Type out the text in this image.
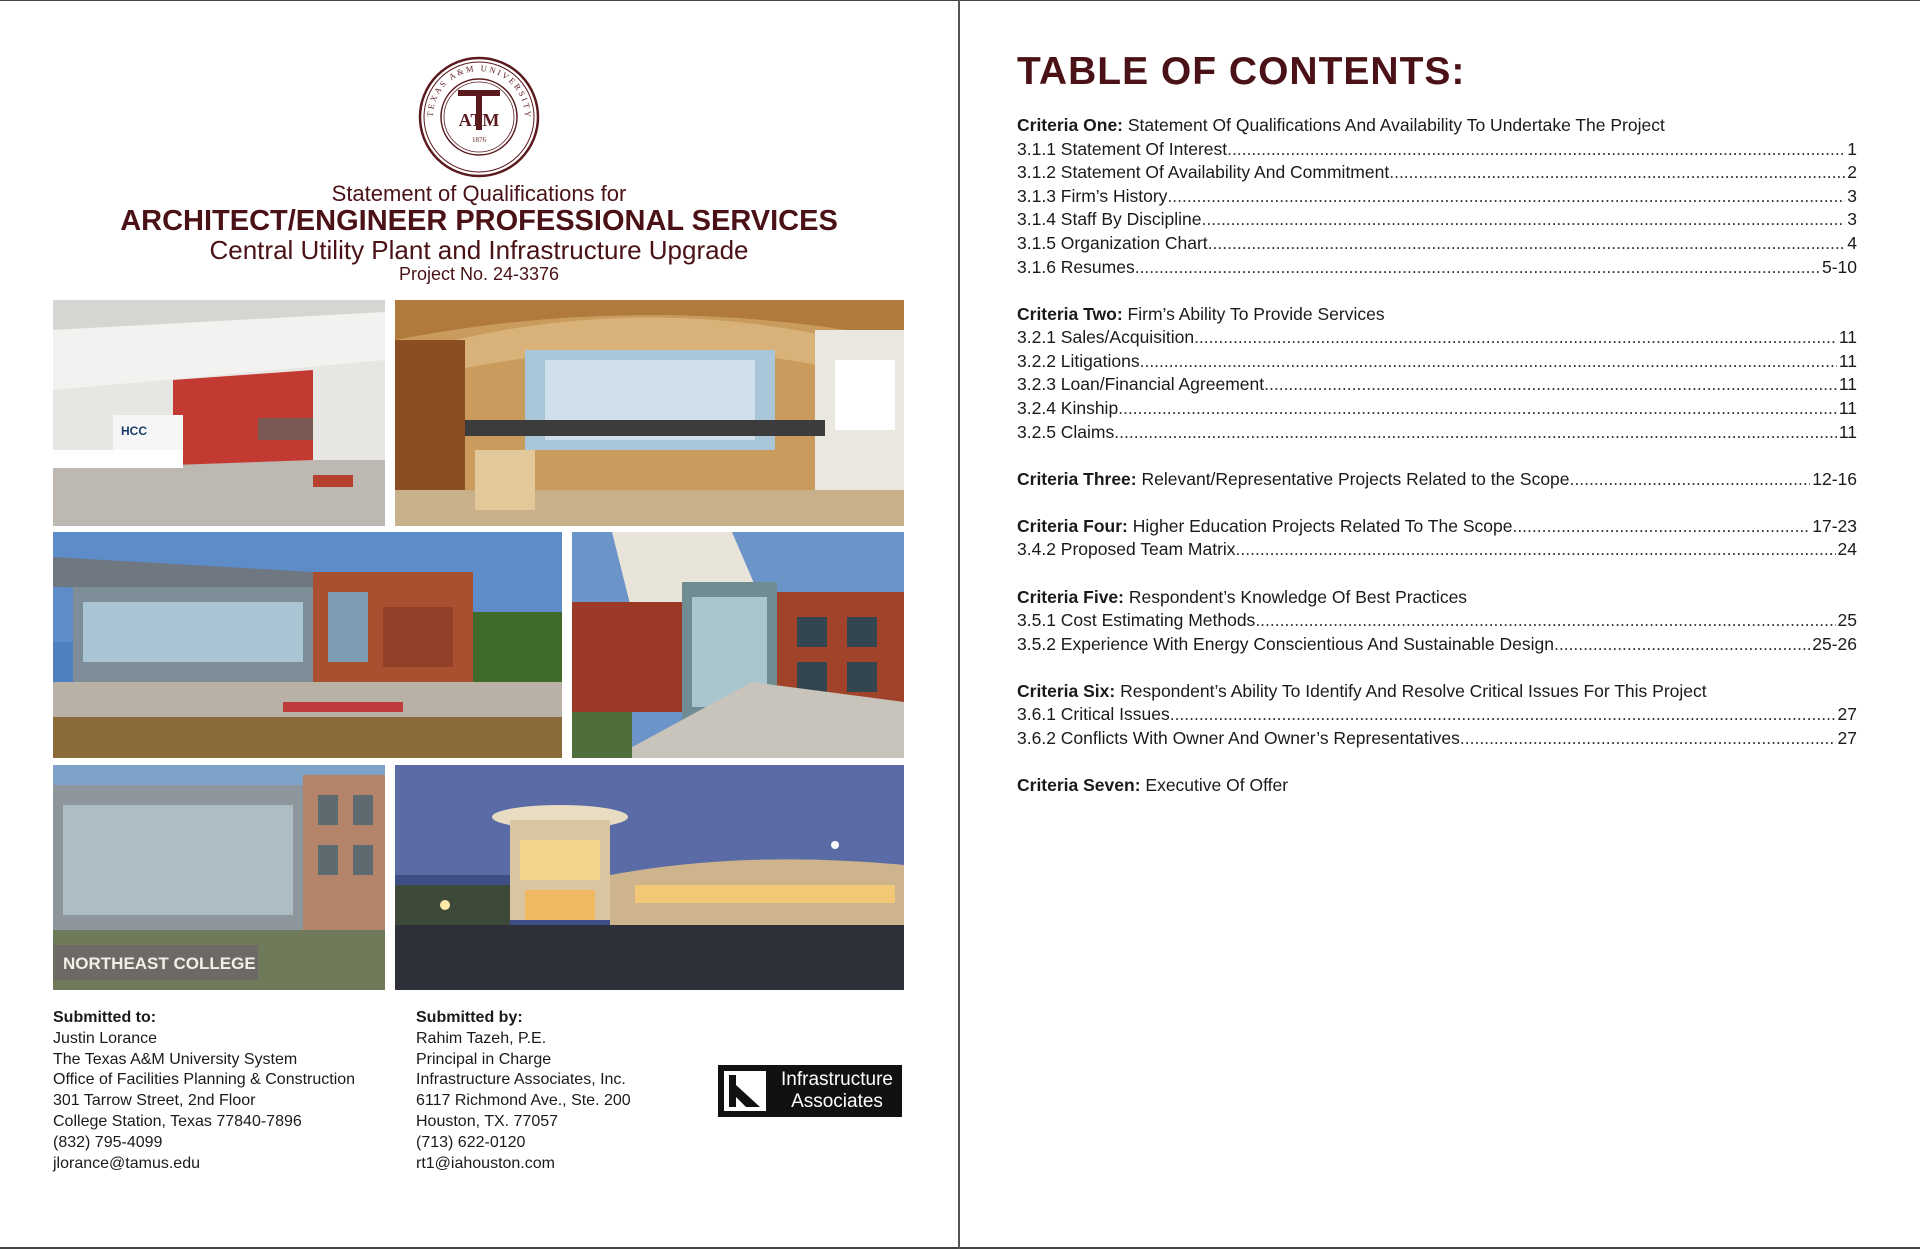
TEXAS A&M UNIVERSITY
ATM
1876
Statement of Qualifications for
ARCHITECT/ENGINEER PROFESSIONAL SERVICES
Central Utility Plant and Infrastructure Upgrade
Project No. 24-3376
HCC
NORTHEAST COLLEGE
Submitted to:
Justin Lorance
The Texas A&M University System
Office of Facilities Planning & Construction
301 Tarrow Street, 2nd Floor
College Station, Texas 77840-7896
(832) 795-4099
jlorance@tamus.edu
Submitted by:
Rahim Tazeh, P.E.
Principal in Charge
Infrastructure Associates, Inc.
6117 Richmond Ave., Ste. 200
Houston, TX. 77057
(713) 622-0120
rt1@iahouston.com
Infrastructure
Associates
TABLE OF CONTENTS:
Criteria One: Statement Of Qualifications And Availability To Undertake The Project
3.1.1 Statement Of Interest .....	1
3.1.2 Statement Of Availability And Commitment .....	2
3.1.3 Firm’s History .....	3
3.1.4 Staff By Discipline .....	3
3.1.5 Organization Chart .....	4
3.1.6 Resumes .....	5-10
Criteria Two: Firm’s Ability To Provide Services
3.2.1 Sales/Acquisition .....	11
3.2.2 Litigations .....	11
3.2.3 Loan/Financial Agreement .....	11
3.2.4 Kinship .....	11
3.2.5 Claims .....	11
Criteria Three: Relevant/Representative Projects Related to the Scope .....	12-16
Criteria Four: Higher Education Projects Related To The Scope .....	17-23
3.4.2 Proposed Team Matrix .....	24
Criteria Five: Respondent’s Knowledge Of Best Practices
3.5.1 Cost Estimating Methods .....	25
3.5.2 Experience With Energy Conscientious And Sustainable Design .....	25-26
Criteria Six: Respondent’s Ability To Identify And Resolve Critical Issues For This Project
3.6.1 Critical Issues .....	27
3.6.2 Conflicts With Owner And Owner’s Representatives .....	27
Criteria Seven: Executive Of Offer
